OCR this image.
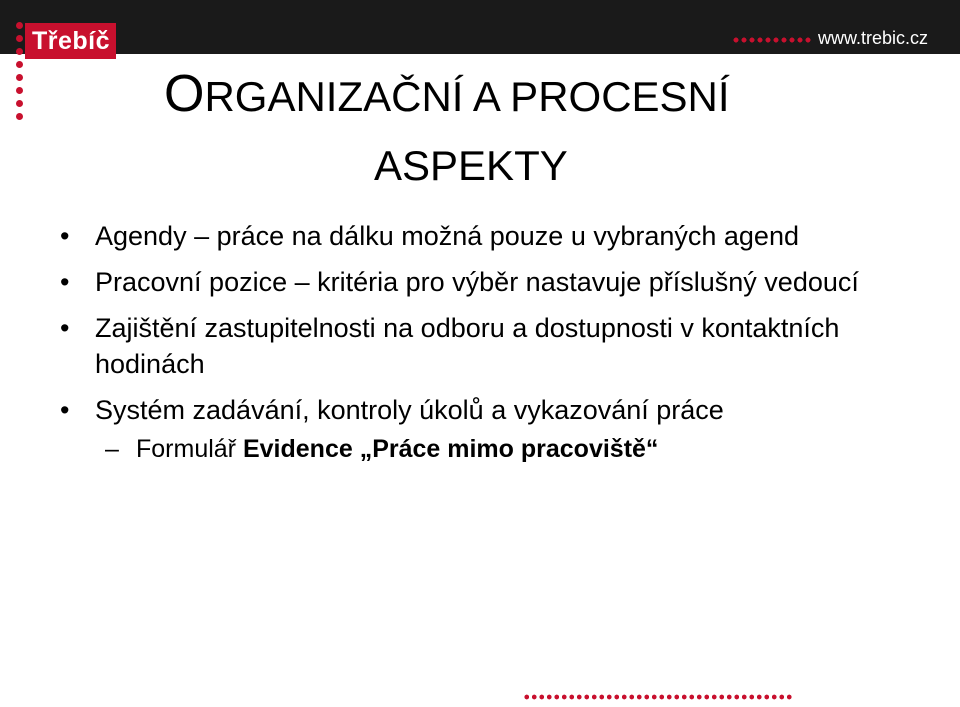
Třebíč	www.trebic.cz
ORGANIZAČNÍ A PROCESNÍ
ASPEKTY
• Agendy – práce na dálku možná pouze u vybraných agend
• Pracovní pozice – kritéria pro výběr nastavuje příslušný vedoucí
• Zajištění zastupitelnosti na odboru a dostupnosti v kontaktních hodinách
• Systém zadávání, kontroly úkolů a vykazování práce
– Formulář Evidence „Práce mimo pracoviště“
